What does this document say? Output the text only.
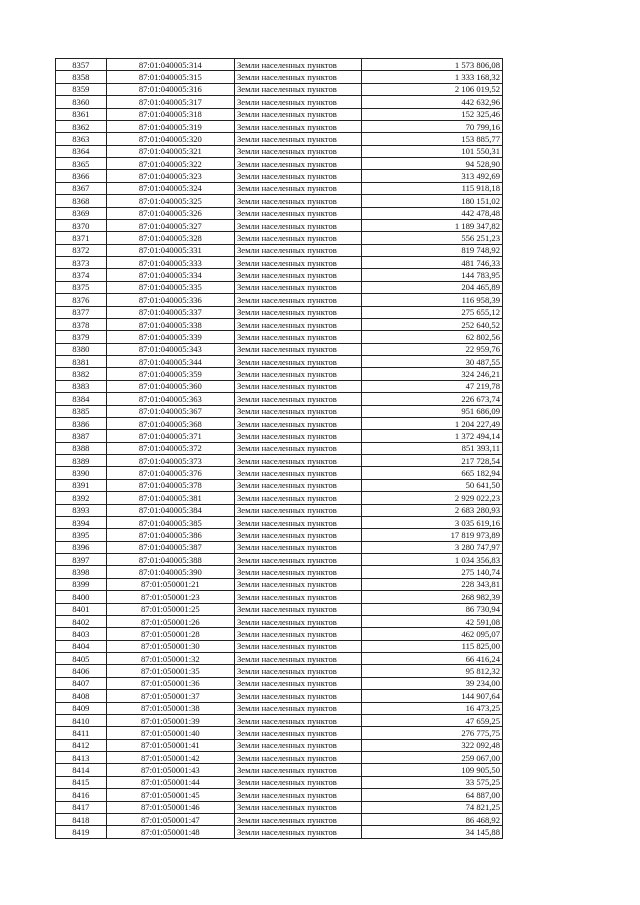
8357	87:01:040005:314	Земли населенных пунктов	1 573 806,08
8358	87:01:040005:315	Земли населенных пунктов	1 333 168,32
8359	87:01:040005:316	Земли населенных пунктов	2 106 019,52
8360	87:01:040005:317	Земли населенных пунктов	442 632,96
8361	87:01:040005:318	Земли населенных пунктов	152 325,46
8362	87:01:040005:319	Земли населенных пунктов	70 799,16
8363	87:01:040005:320	Земли населенных пунктов	153 885,77
8364	87:01:040005:321	Земли населенных пунктов	101 550,31
8365	87:01:040005:322	Земли населенных пунктов	94 528,90
8366	87:01:040005:323	Земли населенных пунктов	313 492,69
8367	87:01:040005:324	Земли населенных пунктов	115 918,18
8368	87:01:040005:325	Земли населенных пунктов	180 151,02
8369	87:01:040005:326	Земли населенных пунктов	442 478,48
8370	87:01:040005:327	Земли населенных пунктов	1 189 347,82
8371	87:01:040005:328	Земли населенных пунктов	556 251,23
8372	87:01:040005:331	Земли населенных пунктов	819 748,92
8373	87:01:040005:333	Земли населенных пунктов	481 746,33
8374	87:01:040005:334	Земли населенных пунктов	144 783,95
8375	87:01:040005:335	Земли населенных пунктов	204 465,89
8376	87:01:040005:336	Земли населенных пунктов	116 958,39
8377	87:01:040005:337	Земли населенных пунктов	275 655,12
8378	87:01:040005:338	Земли населенных пунктов	252 640,52
8379	87:01:040005:339	Земли населенных пунктов	62 802,56
8380	87:01:040005:343	Земли населенных пунктов	22 959,76
8381	87:01:040005:344	Земли населенных пунктов	30 487,55
8382	87:01:040005:359	Земли населенных пунктов	324 246,21
8383	87:01:040005:360	Земли населенных пунктов	47 219,78
8384	87:01:040005:363	Земли населенных пунктов	226 673,74
8385	87:01:040005:367	Земли населенных пунктов	951 686,09
8386	87:01:040005:368	Земли населенных пунктов	1 204 227,49
8387	87:01:040005:371	Земли населенных пунктов	1 372 494,14
8388	87:01:040005:372	Земли населенных пунктов	851 393,11
8389	87:01:040005:373	Земли населенных пунктов	217 728,54
8390	87:01:040005:376	Земли населенных пунктов	665 182,94
8391	87:01:040005:378	Земли населенных пунктов	50 641,50
8392	87:01:040005:381	Земли населенных пунктов	2 929 022,23
8393	87:01:040005:384	Земли населенных пунктов	2 683 280,93
8394	87:01:040005:385	Земли населенных пунктов	3 035 619,16
8395	87:01:040005:386	Земли населенных пунктов	17 819 973,89
8396	87:01:040005:387	Земли населенных пунктов	3 280 747,97
8397	87:01:040005:388	Земли населенных пунктов	1 034 356,83
8398	87:01:040005:390	Земли населенных пунктов	275 140,74
8399	87:01:050001:21	Земли населенных пунктов	228 343,81
8400	87:01:050001:23	Земли населенных пунктов	268 982,39
8401	87:01:050001:25	Земли населенных пунктов	86 730,94
8402	87:01:050001:26	Земли населенных пунктов	42 591,08
8403	87:01:050001:28	Земли населенных пунктов	462 095,07
8404	87:01:050001:30	Земли населенных пунктов	115 825,00
8405	87:01:050001:32	Земли населенных пунктов	66 416,24
8406	87:01:050001:35	Земли населенных пунктов	95 812,32
8407	87:01:050001:36	Земли населенных пунктов	39 234,00
8408	87:01:050001:37	Земли населенных пунктов	144 907,64
8409	87:01:050001:38	Земли населенных пунктов	16 473,25
8410	87:01:050001:39	Земли населенных пунктов	47 659,25
8411	87:01:050001:40	Земли населенных пунктов	276 775,75
8412	87:01:050001:41	Земли населенных пунктов	322 092,48
8413	87:01:050001:42	Земли населенных пунктов	259 067,00
8414	87:01:050001:43	Земли населенных пунктов	109 905,50
8415	87:01:050001:44	Земли населенных пунктов	33 575,25
8416	87:01:050001:45	Земли населенных пунктов	64 887,00
8417	87:01:050001:46	Земли населенных пунктов	74 821,25
8418	87:01:050001:47	Земли населенных пунктов	86 468,92
8419	87:01:050001:48	Земли населенных пунктов	34 145,88
